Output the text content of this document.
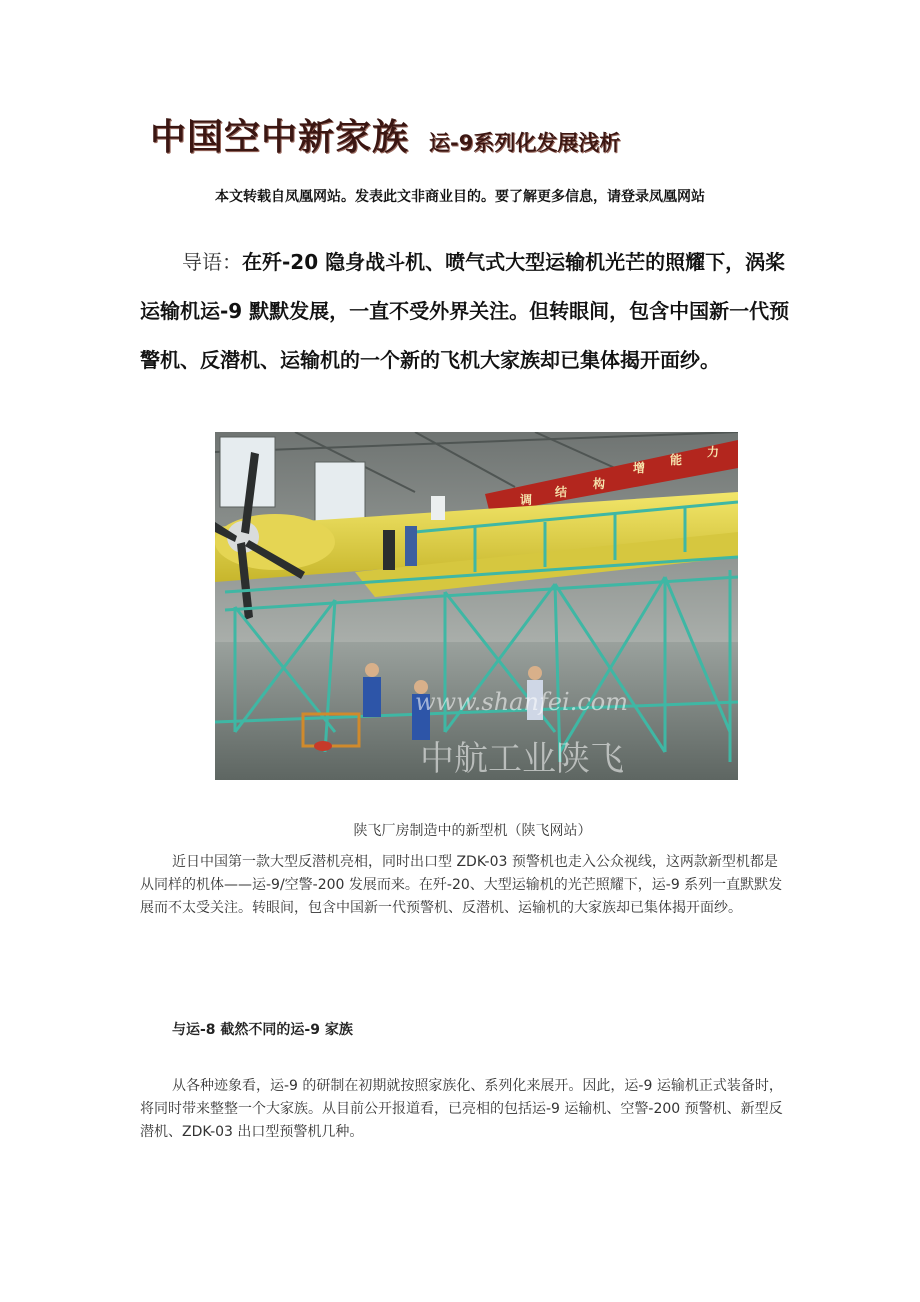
中国空中新家族 运-9系列化发展浅析
本文转载自凤凰网站。发表此文非商业目的。要了解更多信息，请登录凤凰网站
导语：在歼-20 隐身战斗机、喷气式大型运输机光芒的照耀下，涡桨运输机运-9 默默发展，一直不受外界关注。但转眼间，包含中国新一代预警机、反潜机、运输机的一个新的飞机大家族却已集体揭开面纱。
调
结
构
增
能
力
www.shanfei.com
中航工业陕飞
陕飞厂房制造中的新型机（陕飞网站）

近日中国第一款大型反潜机亮相，同时出口型 ZDK-03 预警机也走入公众视线，这两款新型机都是从同样的机体——运-9/空警-200 发展而来。在歼-20、大型运输机的光芒照耀下，运-9 系列一直默默发展而不太受关注。转眼间，包含中国新一代预警机、反潜机、运输机的大家族却已集体揭开面纱。

与运-8 截然不同的运-9 家族

从各种迹象看，运-9 的研制在初期就按照家族化、系列化来展开。因此，运-9 运输机正式装备时，将同时带来整整一个大家族。从目前公开报道看，已亮相的包括运-9 运输机、空警-200 预警机、新型反潜机、ZDK-03 出口型预警机几种。
